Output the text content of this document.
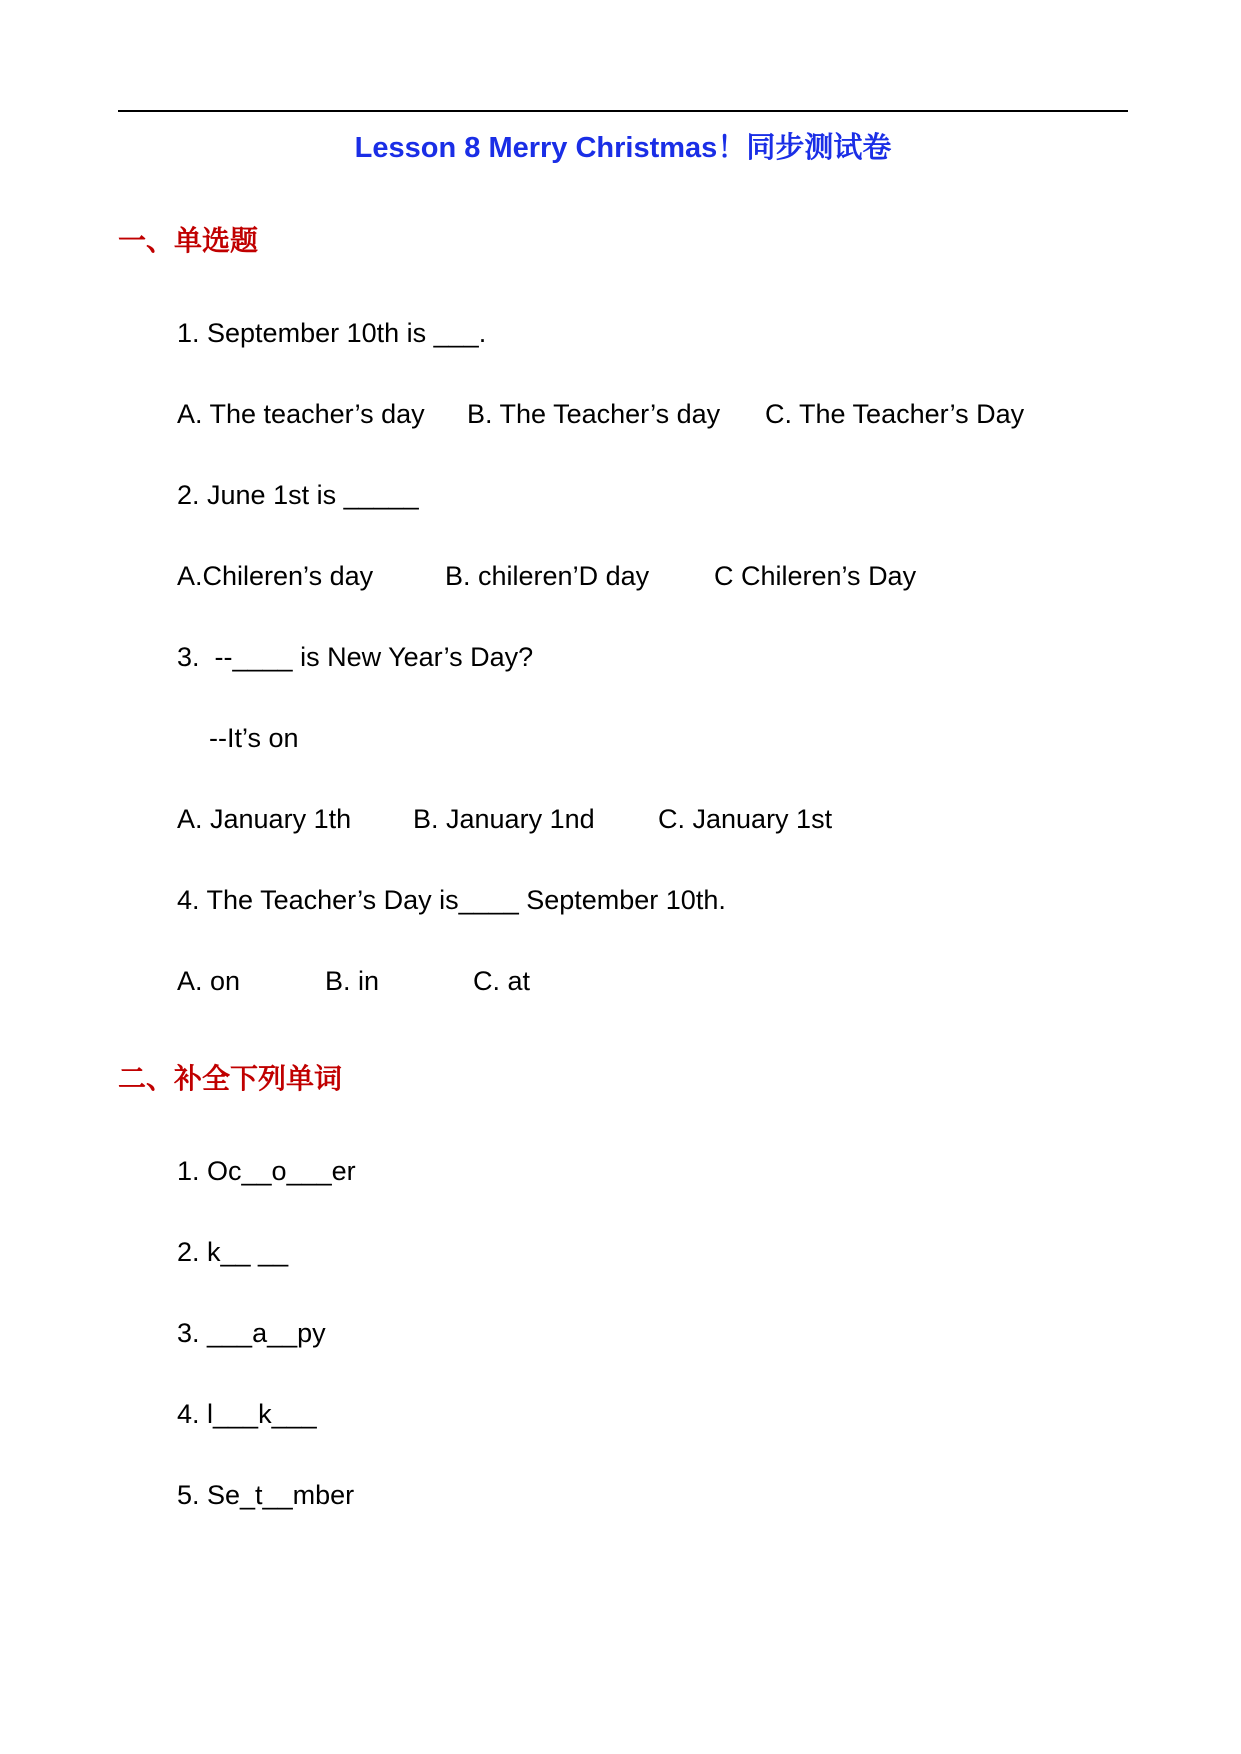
Lesson 8 Merry Christmas！同步测试卷
一、单选题
1. September 10th is ___.
A. The teacher’s day B. The Teacher’s day C. The Teacher’s Day
2. June 1st is _____
A.Chileren’s day	B. chileren’D day C Chileren’s Day
3.  --____ is New Year’s Day?
--It’s on
A. January 1th B. January 1nd C. January 1st
4. The Teacher’s Day is____ September 10th.
A. on	B. in	C. at
二、补全下列单词
1. Oc__o___er
2. k__ __
3. ___a__py
4. l___k___
5. Se_t__mber
